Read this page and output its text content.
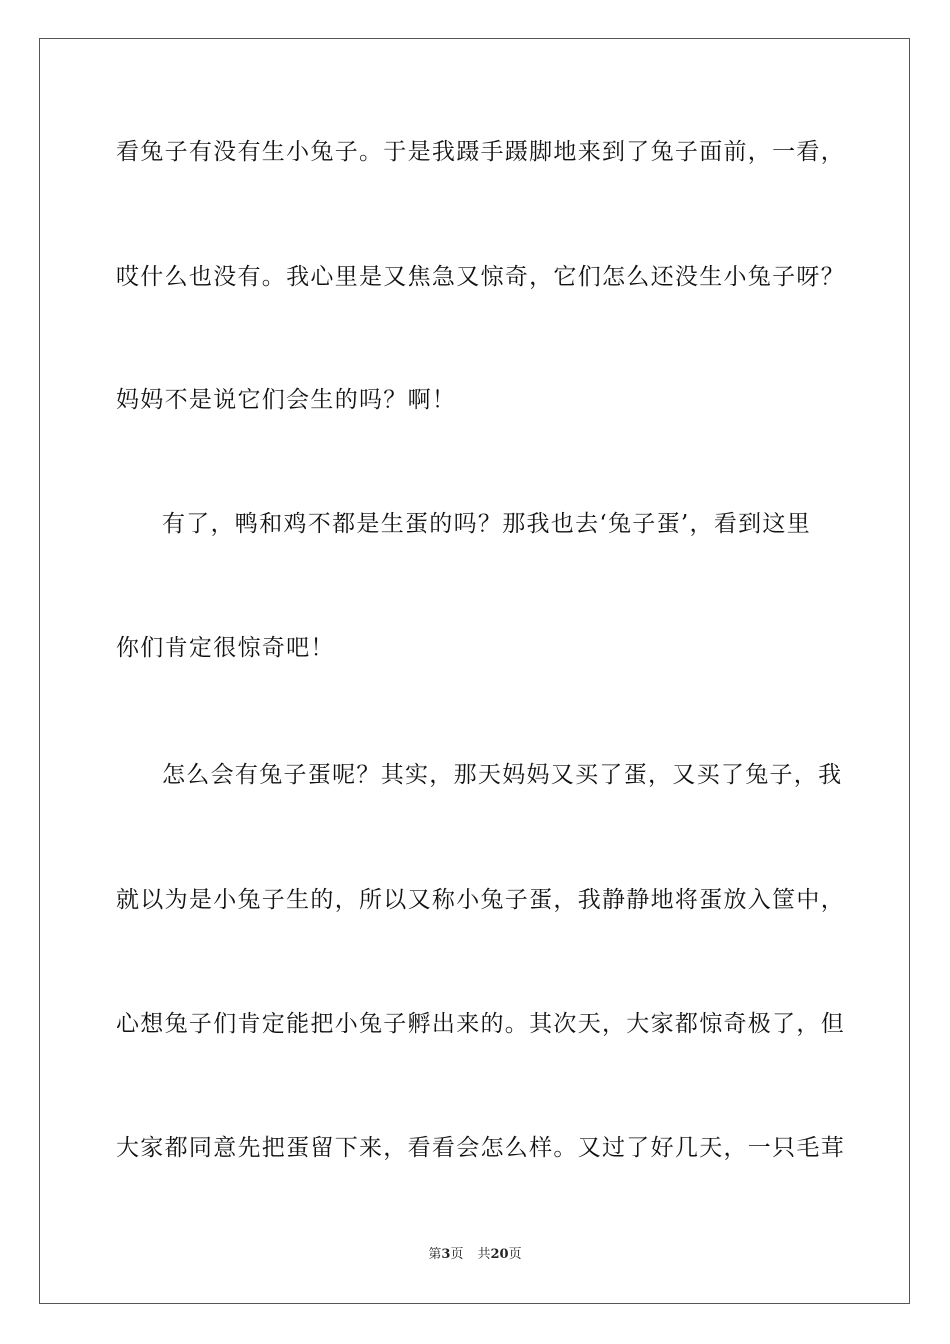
看兔子有没有生小兔子。于是我蹑手蹑脚地来到了兔子面前，一看，
哎什么也没有。我心里是又焦急又惊奇，它们怎么还没生小兔子呀？
妈妈不是说它们会生的吗？啊！
有了，鸭和鸡不都是生蛋的吗？那我也去‘兔子蛋’，看到这里
你们肯定很惊奇吧！
怎么会有兔子蛋呢？其实，那天妈妈又买了蛋，又买了兔子，我
就以为是小兔子生的，所以又称小兔子蛋，我静静地将蛋放入筐中，
心想兔子们肯定能把小兔子孵出来的。其次天，大家都惊奇极了，但
大家都同意先把蛋留下来，看看会怎么样。又过了好几天，一只毛茸
第3页 共20页
